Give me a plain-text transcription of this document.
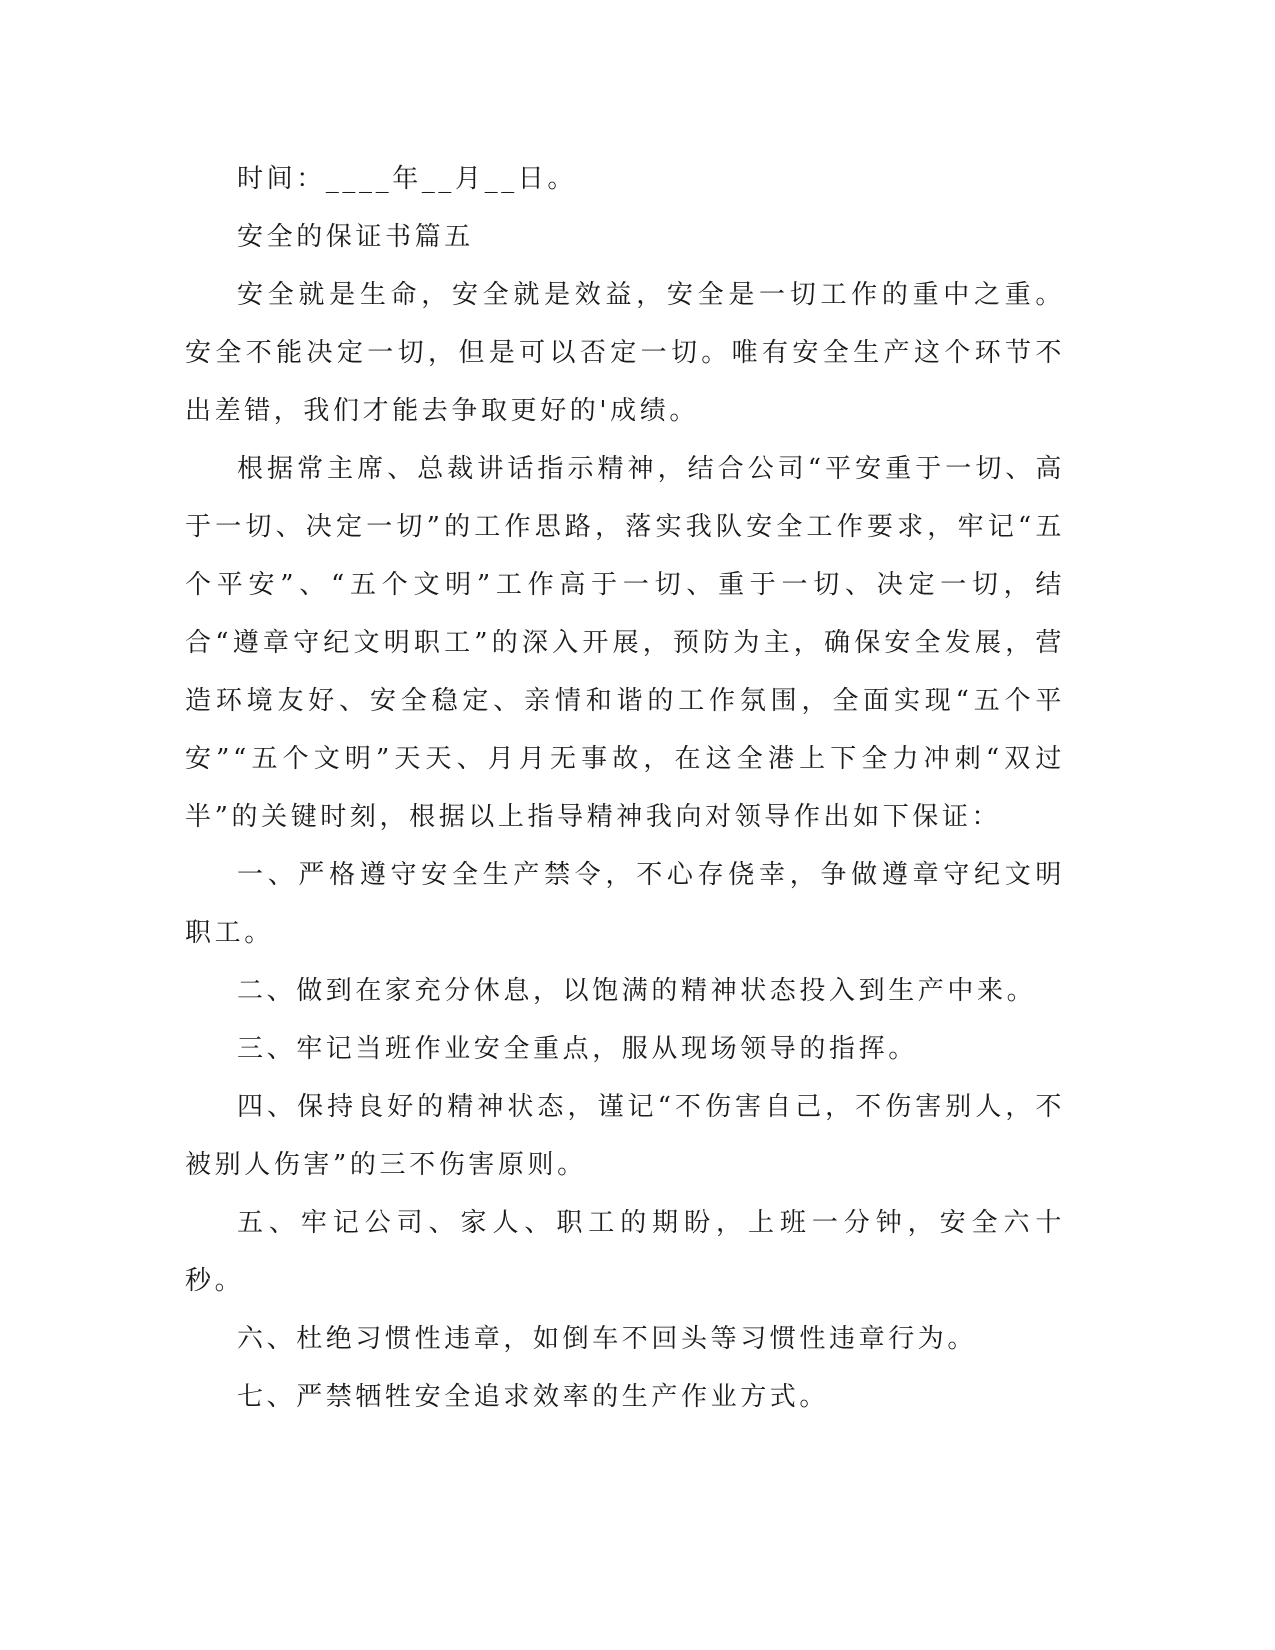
时间：____年__月__日。

安全的保证书篇五

安全就是生命，安全就是效益，安全是一切工作的重中之重。安全不能决定一切，但是可以否定一切。唯有安全生产这个环节不出差错，我们才能去争取更好的'成绩。

根据常主席、总裁讲话指示精神，结合公司“平安重于一切、高于一切、决定一切”的工作思路，落实我队安全工作要求，牢记“五个平安”、“五个文明”工作高于一切、重于一切、决定一切，结合“遵章守纪文明职工”的深入开展，预防为主，确保安全发展，营造环境友好、安全稳定、亲情和谐的工作氛围，全面实现“五个平安”“五个文明”天天、月月无事故，在这全港上下全力冲刺“双过半”的关键时刻，根据以上指导精神我向对领导作出如下保证：

一、严格遵守安全生产禁令，不心存侥幸，争做遵章守纪文明职工。

二、做到在家充分休息，以饱满的精神状态投入到生产中来。

三、牢记当班作业安全重点，服从现场领导的指挥。

四、保持良好的精神状态，谨记“不伤害自己，不伤害别人，不被别人伤害”的三不伤害原则。

五、牢记公司、家人、职工的期盼，上班一分钟，安全六十秒。

六、杜绝习惯性违章，如倒车不回头等习惯性违章行为。

七、严禁牺牲安全追求效率的生产作业方式。
